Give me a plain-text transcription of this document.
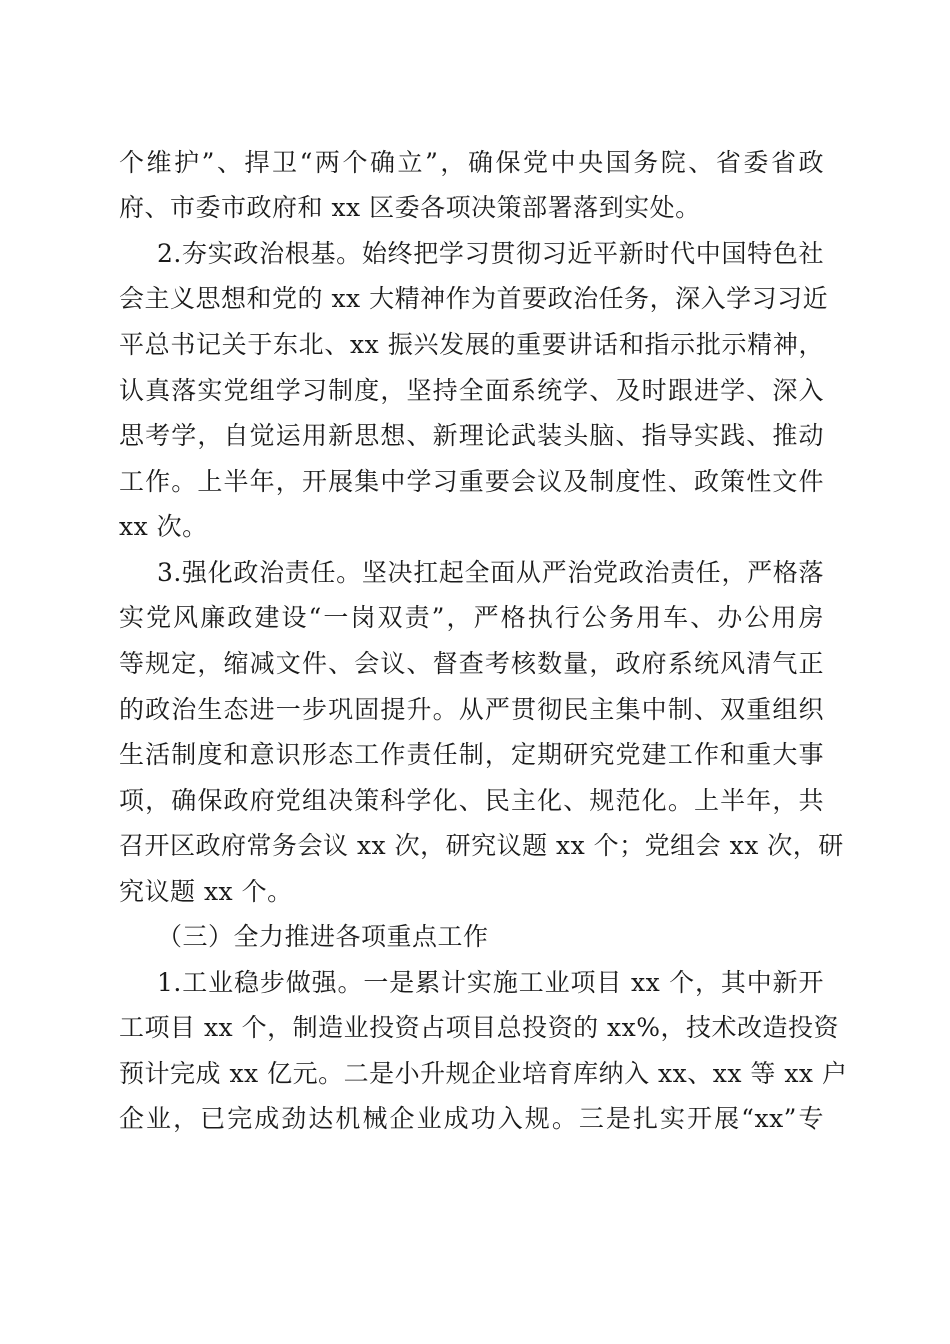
个维护”、捍卫“两个确立”，确保党中央国务院、省委省政
府、市委市政府和 xx 区委各项决策部署落到实处。
2.夯实政治根基。始终把学习贯彻习近平新时代中国特色社
会主义思想和党的 xx 大精神作为首要政治任务，深入学习习近
平总书记关于东北、xx 振兴发展的重要讲话和指示批示精神，
认真落实党组学习制度，坚持全面系统学、及时跟进学、深入
思考学，自觉运用新思想、新理论武装头脑、指导实践、推动
工作。上半年，开展集中学习重要会议及制度性、政策性文件
xx 次。
3.强化政治责任。坚决扛起全面从严治党政治责任，严格落
实党风廉政建设“一岗双责”，严格执行公务用车、办公用房
等规定，缩减文件、会议、督查考核数量，政府系统风清气正
的政治生态进一步巩固提升。从严贯彻民主集中制、双重组织
生活制度和意识形态工作责任制，定期研究党建工作和重大事
项，确保政府党组决策科学化、民主化、规范化。上半年，共
召开区政府常务会议 xx 次，研究议题 xx 个；党组会 xx 次，研
究议题 xx 个。
（三）全力推进各项重点工作
1.工业稳步做强。一是累计实施工业项目 xx 个，其中新开
工项目 xx 个，制造业投资占项目总投资的 xx%，技术改造投资
预计完成 xx 亿元。二是小升规企业培育库纳入 xx、xx 等 xx 户
企业，已完成劲达机械企业成功入规。三是扎实开展“xx”专
